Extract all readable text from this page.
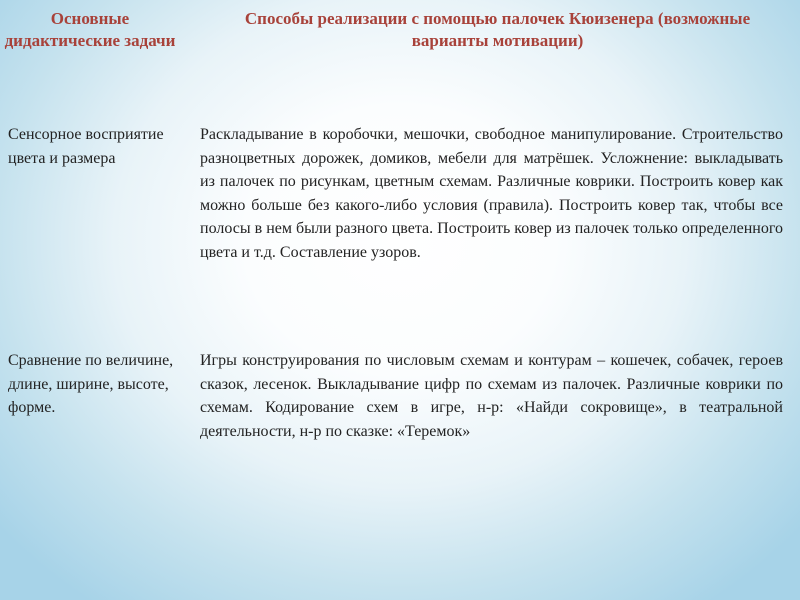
Основные дидактические задачи

Способы реализации с помощью палочек Кюизенера (возможные варианты мотивации)

Сенсорное восприятие цвета и размера

Раскладывание в коробочки, мешочки, свободное манипулирование. Строительство разноцветных дорожек, домиков, мебели для матрёшек. Усложнение: выкладывать из палочек по рисункам, цветным схемам. Различные коврики. Построить ковер как можно больше без какого-либо условия (правила). Построить ковер так, чтобы все полосы в нем были разного цвета. Построить ковер из палочек только определенного цвета и т.д. Составление узоров.

Сравнение по величине, длине, ширине, высоте, форме.

Игры конструирования по числовым схемам и контурам – кошечек, собачек, героев сказок, лесенок. Выкладывание цифр по схемам из палочек. Различные коврики по схемам. Кодирование схем в игре, н-р: «Найди сокровище», в театральной деятельности, н-р по сказке: «Теремок»
